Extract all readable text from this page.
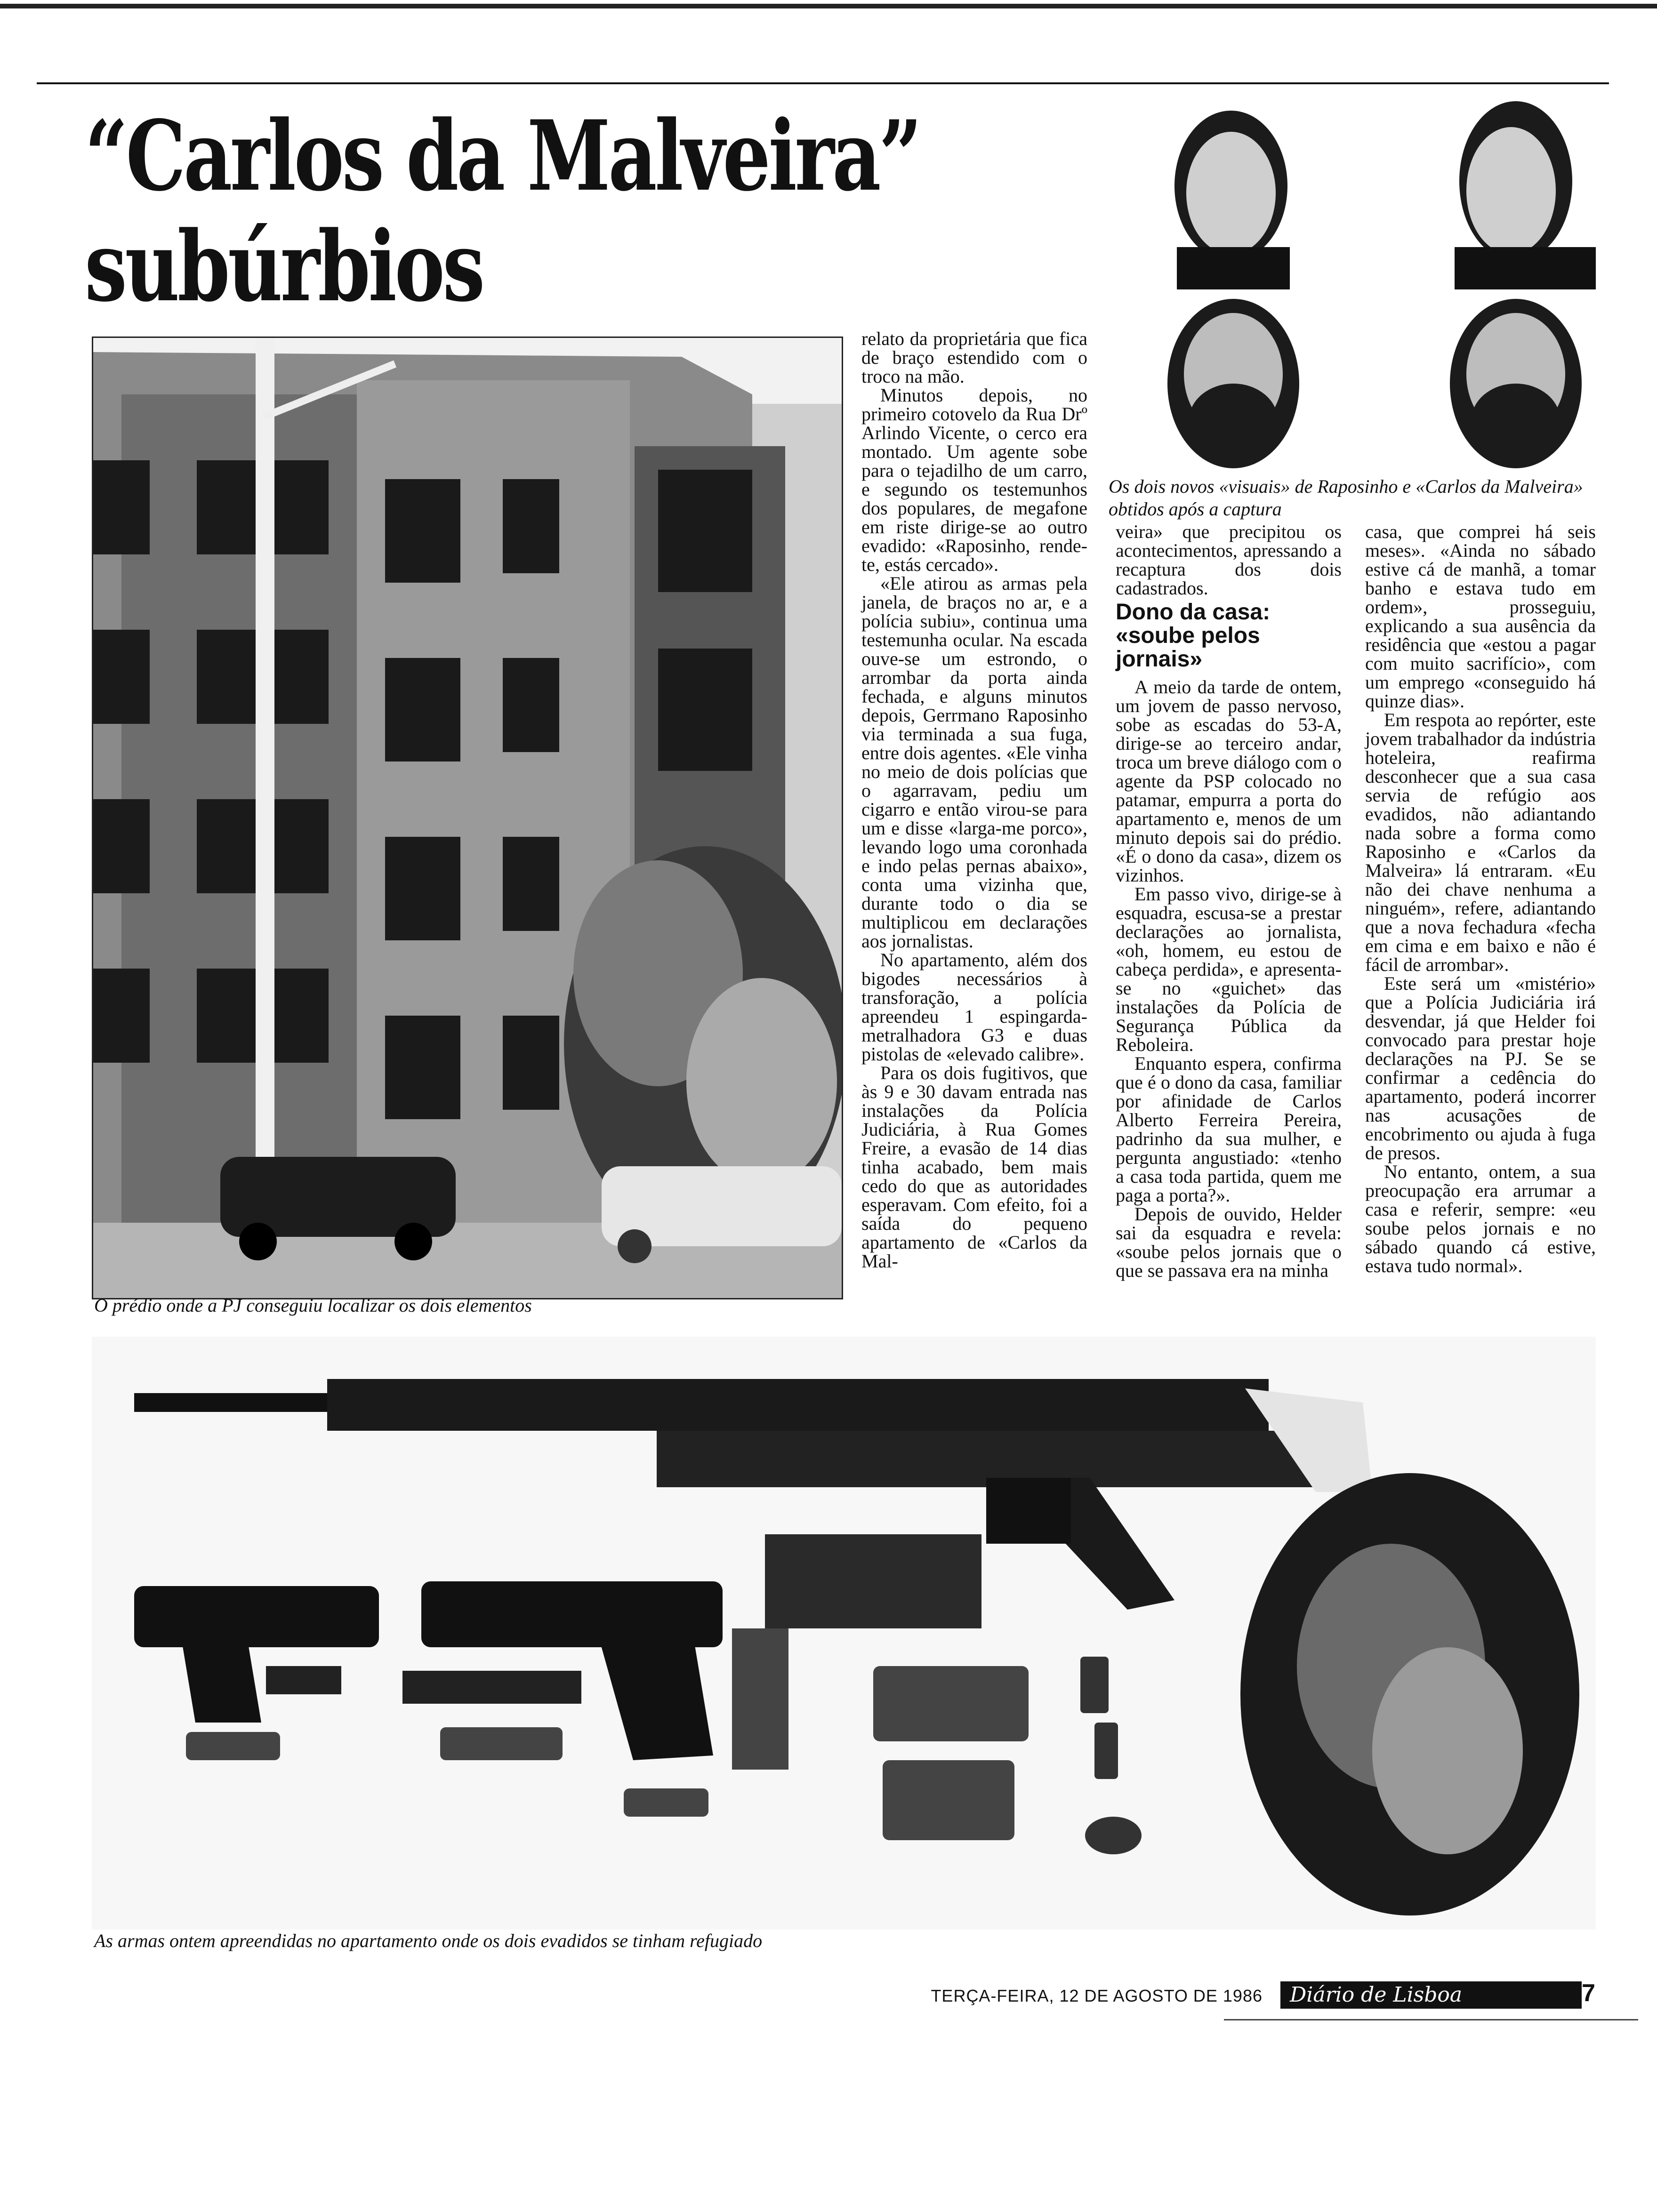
“Carlos da Malveira”
subúrbios
O prédio onde a PJ conseguiu localizar os dois elementos
Os dois novos «visuais» de Raposinho e «Carlos da Malveira»
obtidos após a captura

relato da proprietária que fica de braço estendido com o troco na mão.

Minutos depois, no primeiro cotovelo da Rua Drº Arlindo Vicente, o cerco era montado. Um agente sobe para o tejadilho de um carro, e segundo os testemunhos dos populares, de megafone em riste dirige-se ao outro evadido: «Raposinho, rende-te, estás cercado».

«Ele atirou as armas pela janela, de braços no ar, e a polícia subiu», continua uma testemunha ocular. Na escada ouve-se um estrondo, o arrombar da porta ainda fechada, e alguns minutos depois, Gerrmano Raposinho via terminada a sua fuga, entre dois agentes. «Ele vinha no meio de dois polícias que o agarravam, pediu um cigarro e então virou-se para um e disse «larga-me porco», levando logo uma coronhada e indo pelas pernas abaixo», conta uma vizinha que, durante todo o dia se multiplicou em declarações aos jornalistas.

No apartamento, além dos bigodes necessários à transforação, a polícia apreendeu 1 espingarda-metralhadora G3 e duas pistolas de «elevado calibre».

Para os dois fugitivos, que às 9 e 30 davam entrada nas instalações da Polícia Judiciária, à Rua Gomes Freire, a evasão de 14 dias tinha acabado, bem mais cedo do que as autoridades esperavam. Com efeito, foi a saída do pequeno apartamento de «Carlos da Mal-

veira» que precipitou os acontecimentos, apressando a recaptura dos dois cadastrados.

Dono da casa: «soube pelos jornais»

A meio da tarde de ontem, um jovem de passo nervoso, sobe as escadas do 53-A, dirige-se ao terceiro andar, troca um breve diálogo com o agente da PSP colocado no patamar, empurra a porta do apartamento e, menos de um minuto depois sai do prédio. «É o dono da casa», dizem os vizinhos.

Em passo vivo, dirige-se à esquadra, escusa-se a prestar declarações ao jornalista, «oh, homem, eu estou de cabeça perdida», e apresenta-se no «guichet» das instalações da Polícia de Segurança Pública da Reboleira.

Enquanto espera, confirma que é o dono da casa, familiar por afinidade de Carlos Alberto Ferreira Pereira, padrinho da sua mulher, e pergunta angustiado: «tenho a casa toda partida, quem me paga a porta?».

Depois de ouvido, Helder sai da esquadra e revela: «soube pelos jornais que o que se passava era na minha

casa, que comprei há seis meses». «Ainda no sábado estive cá de manhã, a tomar banho e estava tudo em ordem», prosseguiu, explicando a sua ausência da residência que «estou a pagar com muito sacrifício», com um emprego «conseguido há quinze dias».

Em respota ao repórter, este jovem trabalhador da indústria hoteleira, reafirma desconhecer que a sua casa servia de refúgio aos evadidos, não adiantando nada sobre a forma como Raposinho e «Carlos da Malveira» lá entraram. «Eu não dei chave nenhuma a ninguém», refere, adiantando que a nova fechadura «fecha em cima e em baixo e não é fácil de arrombar».

Este será um «mistério» que a Polícia Judiciária irá desvendar, já que Helder foi convocado para prestar hoje declarações na PJ. Se se confirmar a cedência do apartamento, poderá incorrer nas acusações de encobrimento ou ajuda à fuga de presos.

No entanto, ontem, a sua preocupação era arrumar a casa e referir, sempre: «eu soube pelos jornais e no sábado quando cá estive, estava tudo normal».

As armas ontem apreendidas no apartamento onde os dois evadidos se tinham refugiado
TERÇA-FEIRA, 12 DE AGOSTO DE 1986	Diário de Lisboa	7
